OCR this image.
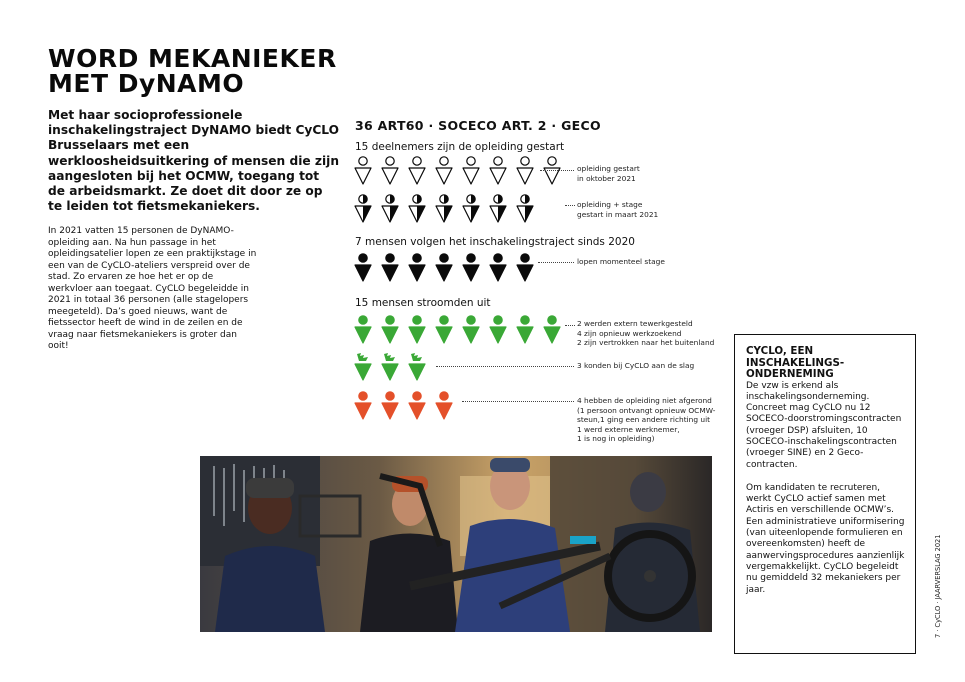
WORD MEKANIEKER
MET DyNAMO

Met haar socioprofessionele inschakelingstraject DyNAMO biedt CyCLO Brusselaars met een werkloosheidsuitkering of mensen die zijn aangesloten bij het OCMW, toegang tot de arbeidsmarkt. Ze doet dit door ze op te leiden tot fietsmekaniekers.

In 2021 vatten 15 personen de DyNAMO-opleiding aan. Na hun passage in het opleidingsatelier lopen ze een praktijkstage in een van de CyCLO-ateliers verspreid over de stad. Zo ervaren ze hoe het er op de werkvloer aan toegaat. CyCLO begeleidde in 2021 in totaal 36 personen (alle stagelopers meegeteld). Da’s goed nieuws, want de fietssector heeft de wind in de zeilen en de vraag naar fietsmekaniekers is groter dan ooit!

36 ART60 · SOCECO ART. 2 · GECO
15 deelnemers zijn de opleiding gestart
opleiding gestart
in oktober 2021
opleiding + stage
gestart in maart 2021
7 mensen volgen het inschakelingstraject sinds 2020
lopen momenteel stage
15 mensen stroomden uit
2 werden extern tewerkgesteld
4 zijn opnieuw werkzoekend
2 zijn vertrokken naar het buitenland
3 konden bij CyCLO aan de slag
4 hebben de opleiding niet afgerond
(1 persoon ontvangt opnieuw OCMW-
steun,1 ging een andere richting uit
1 werd externe werknemer,
1 is nog in opleiding)
CYCLO, EEN
INSCHAKELINGS-
ONDERNEMING

De vzw is erkend als inschakelingsonderneming. Concreet mag CyCLO nu 12 SOCECO-doorstromingscontracten (vroeger DSP) afsluiten, 10 SOCECO-inschakelingscontracten (vroeger SINE) en 2 Geco-contracten.

Om kandidaten te recruteren, werkt CyCLO actief samen met Actiris en verschillende OCMW’s. Een administratieve uniformisering (van uiteenlopende formulieren en overeenkomsten) heeft de aanwervingsprocedures aanzienlijk vergemakkelijkt. CyCLO begeleidt nu gemiddeld 32 mekaniekers per jaar.	7 · CyCLO · JAARVERSLAG 2021
